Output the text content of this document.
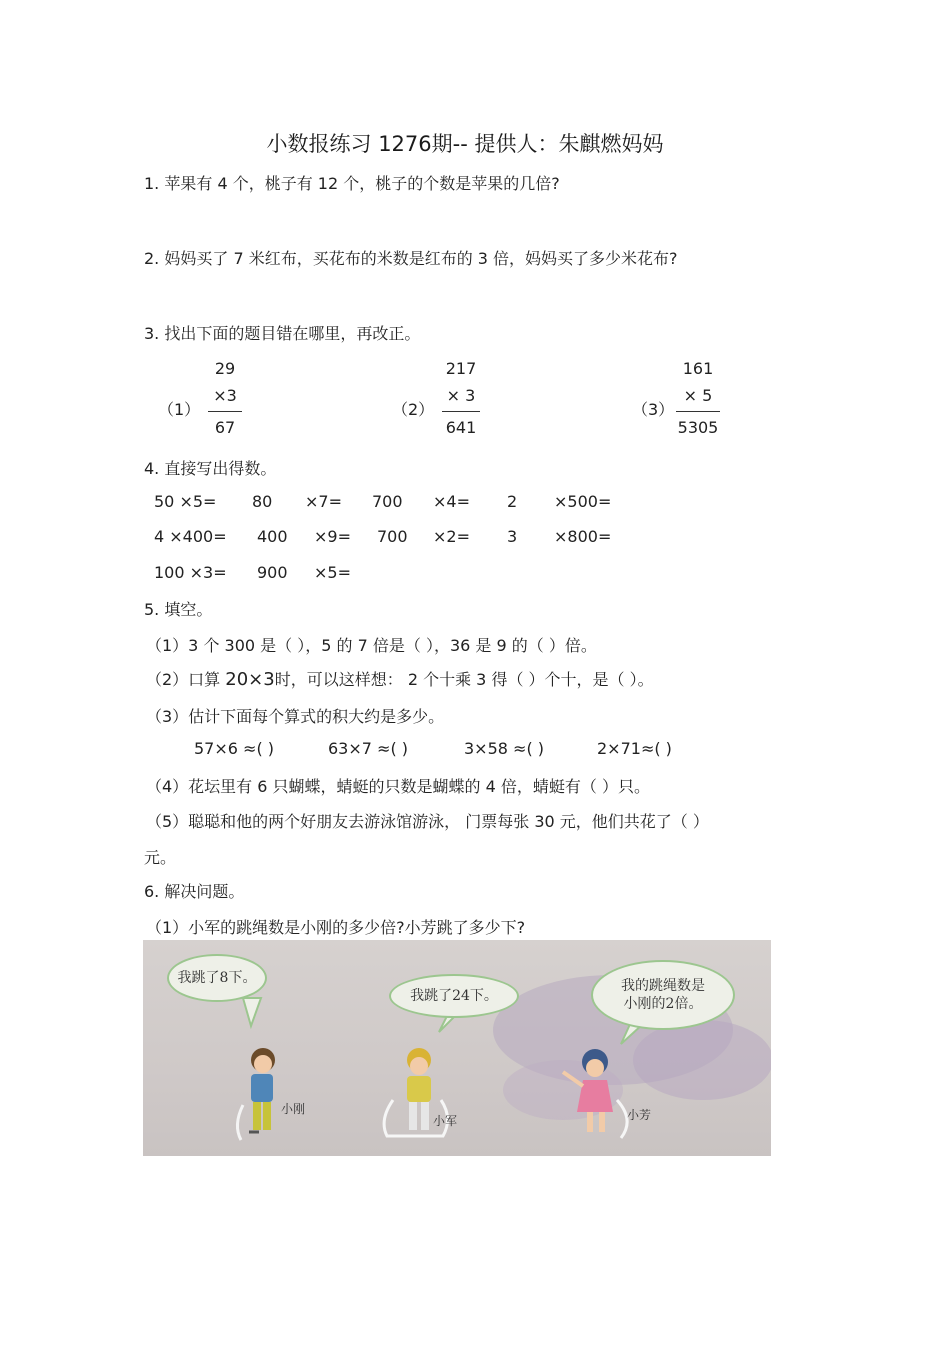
小数报练习 1276期-- 提供人：朱麒燃妈妈
1. 苹果有 4 个，桃子有 12 个，桃子的个数是苹果的几倍?
2. 妈妈买了 7 米红布，买花布的米数是红布的 3 倍，妈妈买了多少米花布?
3. 找出下面的题目错在哪里，再改正。
（1）
29
×3
67
（2）
217
× 3
641
（3）
161
× 5
5305
4. 直接写出得数。
50 ×5= 80 ×7= 700 ×4= 2 ×500=
4 ×400= 400 ×9= 700 ×2= 3 ×800=
100 ×3= 900 ×5=
5. 填空。
（1）3 个 300 是（ ），5 的 7 倍是（ ），36 是 9 的（ ）倍。
（2）口算 20×3时，可以这样想： 2 个十乘 3 得（ ）个十，是（ ）。
（3）估计下面每个算式的积大约是多少。
57×6 ≈( )	63×7 ≈( )	3×58 ≈( )	2×71≈( )
（4）花坛里有 6 只蝴蝶，蜻蜓的只数是蝴蝶的 4 倍，蜻蜓有（ ）只。
（5）聪聪和他的两个好朋友去游泳馆游泳， 门票每张 30 元，他们共花了（ ）
元。
6. 解决问题。
（1）小军的跳绳数是小刚的多少倍?小芳跳了多少下?
我跳了8下。
我跳了24下。
我的跳绳数是
小刚的2倍。
小刚
小军	小芳
